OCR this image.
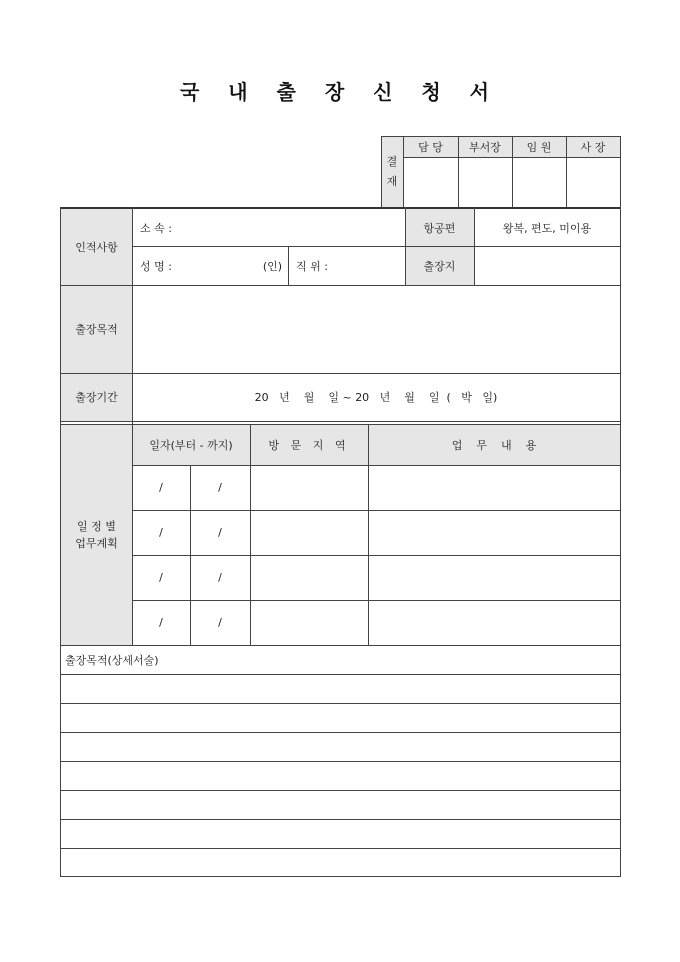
국 내 출 장 신 청 서
결
재
담 당	부서장	임 원	사 장
인적사항
소 속 :	항공편	왕복, 편도, 미이용
성 명 :	(인)	직 위 :	출장지
출장목적
출장기간	20   년    월    일 ~ 20   년    월    일  (   박   일)
일 정 별
업무계획
일자(부터 - 까지)	방 문 지 역	업    무    내    용
/	/
/	/
/	/
/	/
출장목적(상세서술)
